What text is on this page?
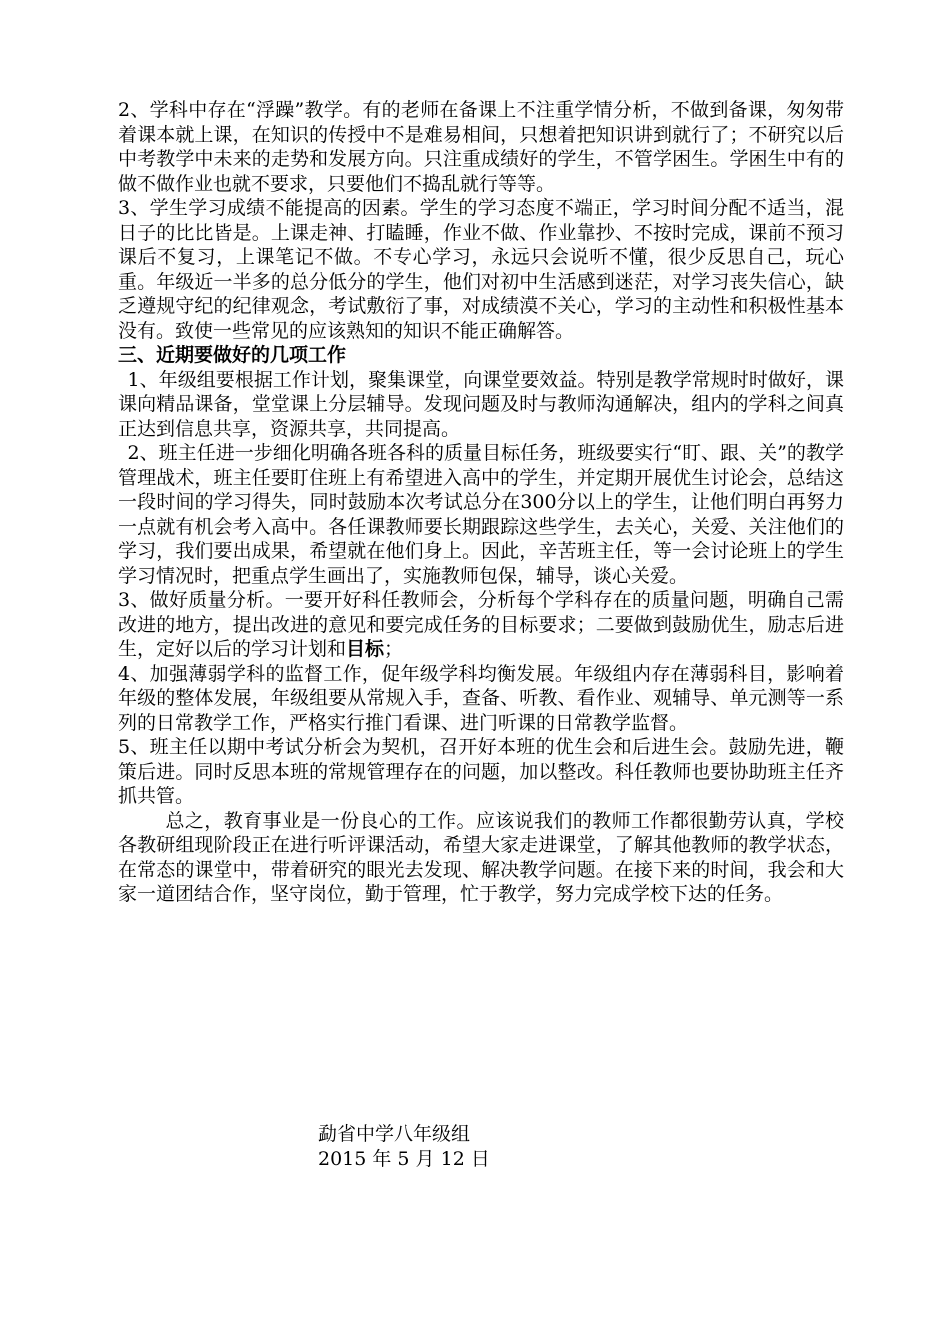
2、学科中存在“浮躁”教学。有的老师在备课上不注重学情分析，不做到备课，匆匆带着课本就上课，在知识的传授中不是难易相间，只想着把知识讲到就行了；不研究以后中考教学中未来的走势和发展方向。只注重成绩好的学生，不管学困生。学困生中有的做不做作业也就不要求，只要他们不捣乱就行等等。

3、学生学习成绩不能提高的因素。学生的学习态度不端正，学习时间分配不适当，混日子的比比皆是。上课走神、打瞌睡，作业不做、作业靠抄、不按时完成，课前不预习课后不复习，上课笔记不做。不专心学习，永远只会说听不懂，很少反思自己，玩心重。年级近一半多的总分低分的学生，他们对初中生活感到迷茫，对学习丧失信心，缺乏遵规守纪的纪律观念，考试敷衍了事，对成绩漠不关心，学习的主动性和积极性基本没有。致使一些常见的应该熟知的知识不能正确解答。

三、近期要做好的几项工作

1、年级组要根据工作计划，聚集课堂，向课堂要效益。特别是教学常规时时做好，课课向精品课备，堂堂课上分层辅导。发现问题及时与教师沟通解决，组内的学科之间真正达到信息共享，资源共享，共同提高。

2、班主任进一步细化明确各班各科的质量目标任务，班级要实行“盯、跟、关”的教学管理战术，班主任要盯住班上有希望进入高中的学生，并定期开展优生讨论会，总结这一段时间的学习得失，同时鼓励本次考试总分在300分以上的学生，让他们明白再努力一点就有机会考入高中。各任课教师要长期跟踪这些学生，去关心，关爱、关注他们的学习，我们要出成果，希望就在他们身上。因此，辛苦班主任，等一会讨论班上的学生学习情况时，把重点学生画出了，实施教师包保，辅导，谈心关爱。

3、做好质量分析。一要开好科任教师会，分析每个学科存在的质量问题，明确自己需改进的地方，提出改进的意见和要完成任务的目标要求；二要做到鼓励优生，励志后进生，定好以后的学习计划和目标；

4、加强薄弱学科的监督工作，促年级学科均衡发展。年级组内存在薄弱科目，影响着年级的整体发展，年级组要从常规入手，查备、听教、看作业、观辅导、单元测等一系列的日常教学工作，严格实行推门看课、进门听课的日常教学监督。

5、班主任以期中考试分析会为契机，召开好本班的优生会和后进生会。鼓励先进，鞭策后进。同时反思本班的常规管理存在的问题，加以整改。科任教师也要协助班主任齐抓共管。

总之，教育事业是一份良心的工作。应该说我们的教师工作都很勤劳认真，学校各教研组现阶段正在进行听评课活动，希望大家走进课堂，了解其他教师的教学状态，在常态的课堂中，带着研究的眼光去发现、解决教学问题。在接下来的时间，我会和大家一道团结合作，坚守岗位，勤于管理，忙于教学，努力完成学校下达的任务。

勐省中学八年级组

2015 年 5 月 12 日
